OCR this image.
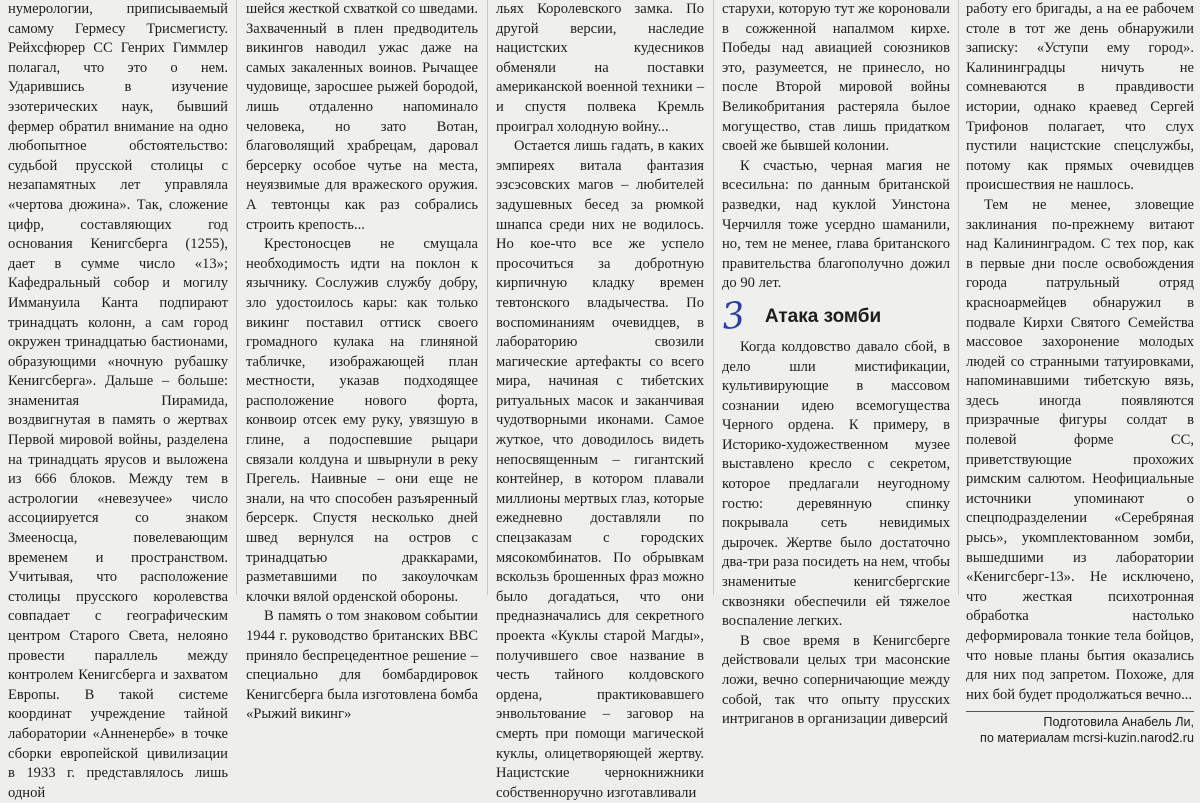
нумерологии, приписываемый самому Гермесу Трисмегисту. Рейхсфюрер СС Генрих Гиммлер полагал, что это о нем. Ударившись в изучение эзотерических наук, бывший фермер обратил внимание на одно любопытное обстоятельство: судьбой прусской столицы с незапамятных лет управляла «чертова дюжина». Так, сложение цифр, составляющих год основания Кенигсберга (1255), дает в сумме число «13»; Кафедральный собор и могилу Иммануила Канта подпирают тринадцать колонн, а сам город окружен тринадцатью бастионами, образующими «ночную рубашку Кенигсберга». Дальше – больше: знаменитая Пирамида, воздвигнутая в память о жертвах Первой мировой войны, разделена на тринадцать ярусов и выложена из 666 блоков. Между тем в астрологии «невезучее» число ассоциируется со знаком Змееносца, повелевающим временем и пространством. Учитывая, что расположение столицы прусского королевства совпадает с географическим центром Старого Света, нелояно провести параллель между контролем Кенигсберга и захватом Европы. В такой системе координат учреждение тайной лаборатории «Анненербе» в точке сборки европейской цивилизации в 1933 г. представлялось лишь одной

шейся жесткой схваткой со шведами. Захваченный в плен предводитель викингов наводил ужас даже на самых закаленных воинов. Рычащее чудовище, заросшее рыжей бородой, лишь отдаленно напоминало человека, но зато Вотан, благоволящий храбрецам, даровал берсерку особое чутье на места, неуязвимые для вражеского оружия. А тевтонцы как раз собрались строить крепость...

Крестоносцев не смущала необходимость идти на поклон к язычнику. Сослужив службу добру, зло удостоилось кары: как только викинг поставил оттиск своего громадного кулака на глиняной табличке, изображающей план местности, указав подходящее расположение нового форта, конвоир отсек ему руку, увязшую в глине, а подоспевшие рыцари связали колдуна и швырнули в реку Прегель. Наивные – они еще не знали, на что способен разъяренный берсерк. Спустя несколько дней швед вернулся на остров с тринадцатью драккарами, разметавшими по закоулочкам клочки вялой орденской обороны.

В память о том знаковом событии 1944 г. руководство британских ВВС приняло беспрецедентное решение – специально для бомбардировок Кенигсберга была изготовлена бомба «Рыжий викинг»

льях Королевского замка. По другой версии, наследие нацистских кудесников обменяли на поставки американской военной техники – и спустя полвека Кремль проиграл холодную войну...

Остается лишь гадать, в каких эмпиреях витала фантазия эзсэсовских магов – любителей задушевных бесед за рюмкой шнапса среди них не водилось. Но кое-что все же успело просочиться за добротную кирпичную кладку времен тевтонского владычества. По воспоминаниям очевидцев, в лабораторию свозили магические артефакты со всего мира, начиная с тибетских ритуальных масок и заканчивая чудотворными иконами. Самое жуткое, что доводилось видеть непосвященным – гигантский контейнер, в котором плавали миллионы мертвых глаз, которые ежедневно доставляли по спецзаказам с городских мясокомбинатов. По обрывкам вскользь брошенных фраз можно было догадаться, что они предназначались для секретного проекта «Куклы старой Магды», получившего свое название в честь тайного колдовского ордена, практиковавшего энвольтование – заговор на смерть при помощи магической куклы, олицетворяющей жертву. Нацистские чернокнижники собственноручно изготавливали

старухи, которую тут же короновали в сожженной напалмом кирхе. Победы над авиацией союзников это, разумеется, не принесло, но после Второй мировой войны Великобритания растеряла былое могущество, став лишь придатком своей же бывшей колонии.

К счастью, черная магия не всесильна: по данным британской разведки, над куклой Уинстона Черчилля тоже усердно шаманили, но, тем не менее, глава британского правительства благополучно дожил до 90 лет.

3 Атака зомби

Когда колдовство давало сбой, в дело шли мистификации, культивирующие в массовом сознании идею всемогущества Черного ордена. К примеру, в Историко-художественном музее выставлено кресло с секретом, которое предлагали неугодному гостю: деревянную спинку покрывала сеть невидимых дырочек. Жертве было достаточно два-три раза посидеть на нем, чтобы знаменитые кенигсбергские сквозняки обеспечили ей тяжелое воспаление легких.

В свое время в Кенигсберге действовали целых три масонские ложи, вечно соперничающие между собой, так что опыту прусских интриганов в организации диверсий

работу его бригады, а на ее рабочем столе в тот же день обнаружили записку: «Уступи ему город». Калининградцы ничуть не сомневаются в правдивости истории, однако краевед Сергей Трифонов полагает, что слух пустили нацистские спецслужбы, потому как прямых очевидцев происшествия не нашлось.

Тем не менее, зловещие заклинания по-прежнему витают над Калининградом. С тех пор, как в первые дни после освобождения города патрульный отряд красноармейцев обнаружил в подвале Кирхи Святого Семейства массовое захоронение молодых людей со странными татуировками, напоминавшими тибетскую вязь, здесь иногда появляются призрачные фигуры солдат в полевой форме СС, приветствующие прохожих римским салютом. Неофициальные источники упоминают о спецподразделении «Серебряная рысь», укомплектованном зомби, вышедшими из лаборатории «Кенигсберг-13». Не исключено, что жесткая психотронная обработка настолько деформировала тонкие тела бойцов, что новые планы бытия оказались для них под запретом. Похоже, для них бой будет продолжаться вечно...

Подготовила Анабель Ли,

по материалам mcrsi-kuzin.narod2.ru
